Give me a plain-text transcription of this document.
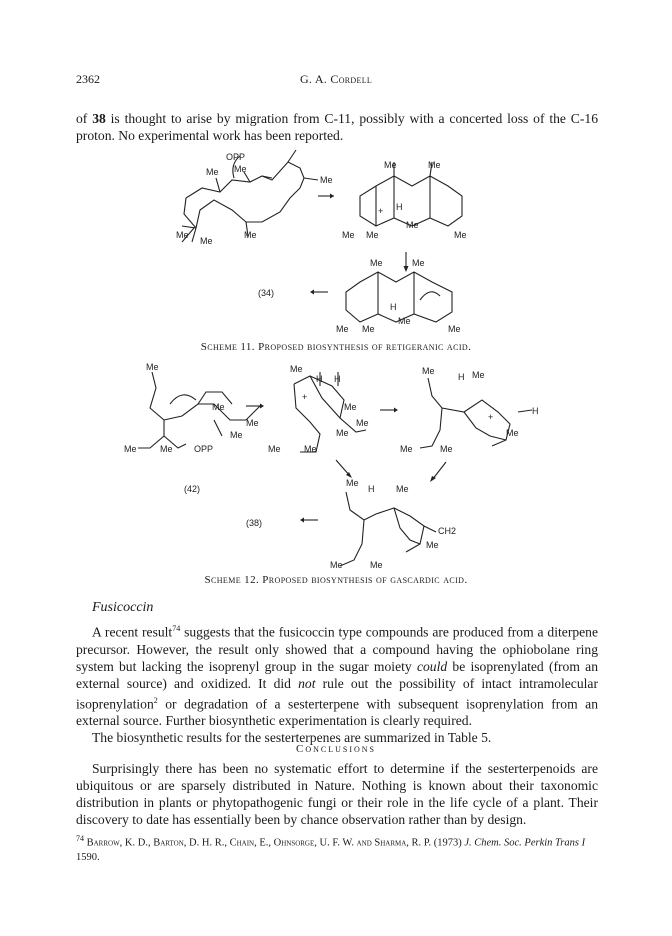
2362	G. A. Cordell

of 38 is thought to arise by migration from C-11, possibly with a concerted loss of the C-16 proton. No experimental work has been reported.

OPP
Me Me
Me
Me
Me
Me
Me	Me
Me Me
Me
Me
H
+
(34)
Me	Me
Me Me
Me
Me
H
Scheme 11. Proposed biosynthesis of retigeranic acid.
Me
Me
Me
Me
Me	Me OPP
Me
H H
Me
Me
Me
Me	Me
+
Me
H Me
H
Me
Me	Me
+
(42)
(38)
Me
H Me
CH2
Me
Me	Me
Scheme 12. Proposed biosynthesis of gascardic acid.
Fusicoccin

A recent result$^{74}$ suggests that the fusicoccin type compounds are produced from a diterpene precursor. However, the result only showed that a compound having the ophiobolane ring system but lacking the isoprenyl group in the sugar moiety could be isoprenylated (from an external source) and oxidized. It did not rule out the possibility of intact intramolecular isoprenylation$^2$ or degradation of a sesterterpene with subsequent isoprenylation from an external source. Further biosynthetic experimentation is clearly required.

The biosynthetic results for the sesterterpenes are summarized in Table 5.

Conclusions

Surprisingly there has been no systematic effort to determine if the sesterterpenoids are ubiquitous or are sparsely distributed in Nature. Nothing is known about their taxonomic distribution in plants or phytopathogenic fungi or their role in the life cycle of a plant. Their discovery to date has essentially been by chance observation rather than by design.

$^{74}$ Barrow, K. D., Barton, D. H. R., Chain, E., Ohnsorge, U. F. W. and Sharma, R. P. (1973) J. Chem. Soc. Perkin Trans I 1590.
